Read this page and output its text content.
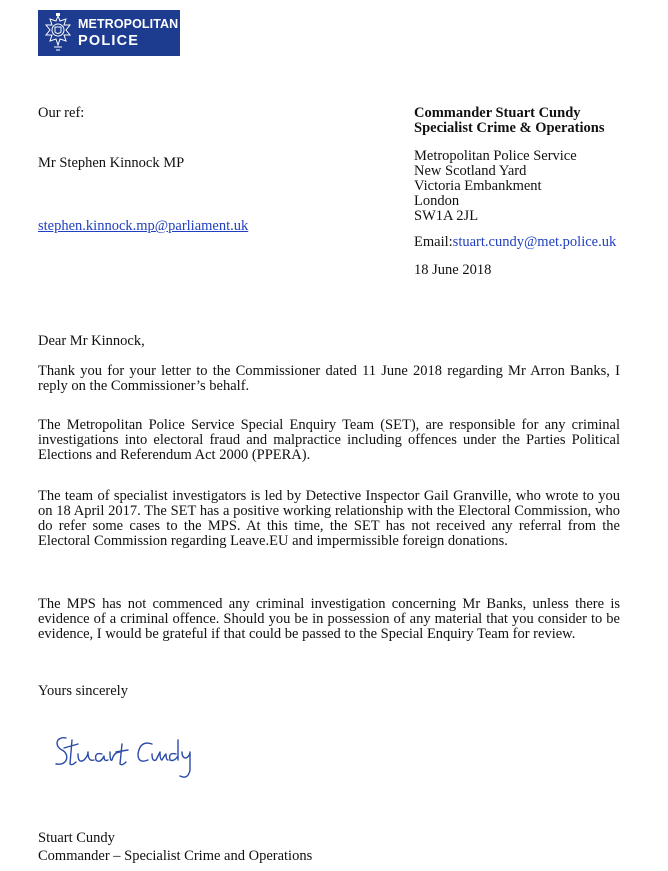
METROPOLITAN
POLICE

Our ref:

Mr Stephen Kinnock MP

stephen.kinnock.mp@parliament.uk

Commander Stuart Cundy

Specialist Crime & Operations

Metropolitan Police Service
New Scotland Yard
Victoria Embankment
London
SW1A 2JL

Email:stuart.cundy@met.police.uk

18 June 2018

Dear Mr Kinnock,

Thank you for your letter to the Commissioner dated 11 June 2018 regarding Mr Arron Banks, I reply on the Commissioner’s behalf.

The Metropolitan Police Service Special Enquiry Team (SET), are responsible for any criminal investigations into electoral fraud and malpractice including offences under the Parties Political Elections and Referendum Act 2000 (PPERA).

The team of specialist investigators is led by Detective Inspector Gail Granville, who wrote to you on 18 April 2017. The SET has a positive working relationship with the Electoral Commission, who do refer some cases to the MPS. At this time, the SET has not received any referral from the Electoral Commission regarding Leave.EU and impermissible foreign donations.

The MPS has not commenced any criminal investigation concerning Mr Banks, unless there is evidence of a criminal offence. Should you be in possession of any material that you consider to be evidence, I would be grateful if that could be passed to the Special Enquiry Team for review.

Yours sincerely

Stuart Cundy

Commander – Specialist Crime and Operations
